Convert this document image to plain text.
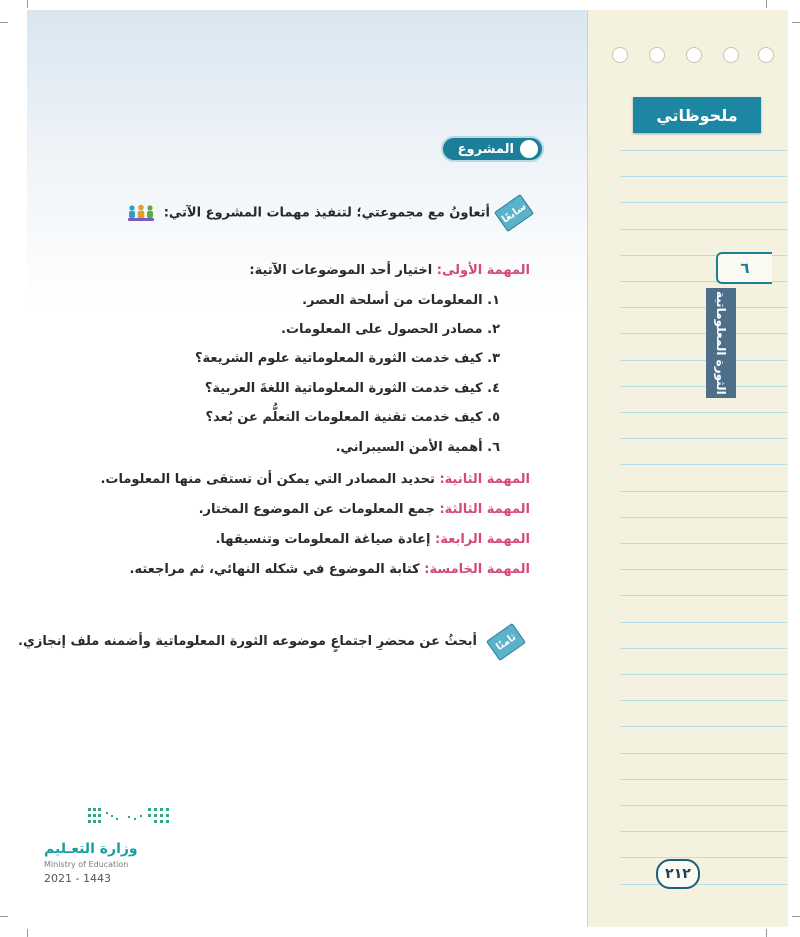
ملحوظاتي
٦
الثورة المعلوماتية
المشروع
سابعًا
أتعاونُ مع مجموعتي؛ لتنفيذ مهمات المشروع الآتي:
المهمة الأولى: اختيار أحد الموضوعات الآتية:
١. المعلومات من أسلحة العصر.
٢. مصادر الحصول على المعلومات.
٣. كيف خدمت الثورة المعلوماتية علوم الشريعة؟
٤. كيف خدمت الثورة المعلوماتية اللغةَ العربية؟
٥. كيف خدمت تقنية المعلومات التعلُّم عن بُعد؟
٦. أهمية الأمن السيبراني.
المهمة الثانية: تحديد المصادر التي يمكن أن تستقى منها المعلومات.
المهمة الثالثة: جمع المعلومات عن الموضوع المختار.
المهمة الرابعة: إعادة صياغة المعلومات وتنسيقها.
المهمة الخامسة: كتابة الموضوع في شكله النهائي، ثم مراجعته.
ثامنًا
أبحثُ عن محضرِ اجتماعٍ موضوعه الثورة المعلوماتية وأضمنه ملف إنجازي.
وزارة التعـليم
Ministry of Education
2021 - 1443	٢١٢
